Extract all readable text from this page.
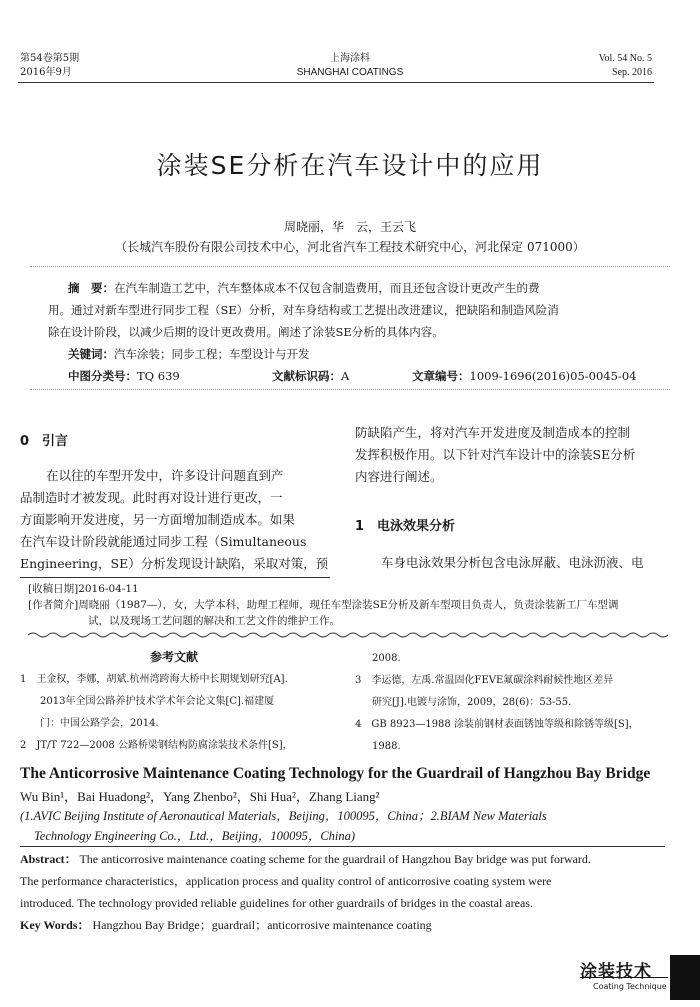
第54卷第5期
2016年9月
上海涂料
SHANGHAI COATINGS
Vol. 54 No. 5
Sep. 2016
涂装SE分析在汽车设计中的应用
周晓丽，华　云，王云飞
（长城汽车股份有限公司技术中心，河北省汽车工程技术研究中心，河北保定 071000）
摘　要：在汽车制造工艺中，汽车整体成本不仅包含制造费用，而且还包含设计更改产生的费
用。通过对新车型进行同步工程（SE）分析，对车身结构或工艺提出改进建议，把缺陷和制造风险消
除在设计阶段，以减少后期的设计更改费用。阐述了涂装SE分析的具体内容。
关键词：汽车涂装；同步工程；车型设计与开发
中图分类号：TQ 639	文献标识码：A	文章编号：1009-1696(2016)05-0045-04
0　引言
在以往的车型开发中，许多设计问题直到产
品制造时才被发现。此时再对设计进行更改，一
方面影响开发进度，另一方面增加制造成本。如果
在汽车设计阶段就能通过同步工程（Simultaneous
Engineering，SE）分析发现设计缺陷，采取对策，预
防缺陷产生，将对汽车开发进度及制造成本的控制
发挥积极作用。以下针对汽车设计中的涂装SE分析
内容进行阐述。
1　电泳效果分析
车身电泳效果分析包含电泳屏蔽、电泳沥液、电
[收稿日期]2016-04-11
[作者简介]周晓丽（1987—），女，大学本科，助理工程师，现任车型涂装SE分析及新车型项目负责人，负责涂装新工厂车型调
试，以及现场工艺问题的解决和工艺文件的维护工作。
参考文献
1　王金权，李娜，胡斌.杭州湾跨海大桥中长期规划研究[A].
2013年全国公路养护技术学术年会论文集[C].福建厦
门：中国公路学会，2014.
2　JT/T 722—2008 公路桥梁钢结构防腐涂装技术条件[S]，
2008.
3　李运德，左禹.常温固化FEVE氟碳涂料耐候性地区差异
研究[J].电镀与涂饰，2009，28(6)：53-55.
4　GB 8923—1988 涂装前钢材表面锈蚀等级和除锈等级[S]，
1988.
The Anticorrosive Maintenance Coating Technology for the Guardrail of Hangzhou Bay Bridge
Wu Bin¹，Bai Huadong²，Yang Zhenbo²，Shi Hua²，Zhang Liang²
(1.AVIC Beijing Institute of Aeronautical Materials，Beijing，100095，China；2.BIAM New Materials
Technology Engineering Co.，Ltd.，Beijing，100095，China)
Abstract： The anticorrosive maintenance coating scheme for the guardrail of Hangzhou Bay bridge was put forward.
The performance characteristics，application process and quality control of anticorrosive coating system were
introduced. The technology provided reliable guidelines for other guardrails of bridges in the coastal areas.
Key Words： Hangzhou Bay Bridge；guardrail；anticorrosive maintenance coating
涂装技术
Coating Technique
